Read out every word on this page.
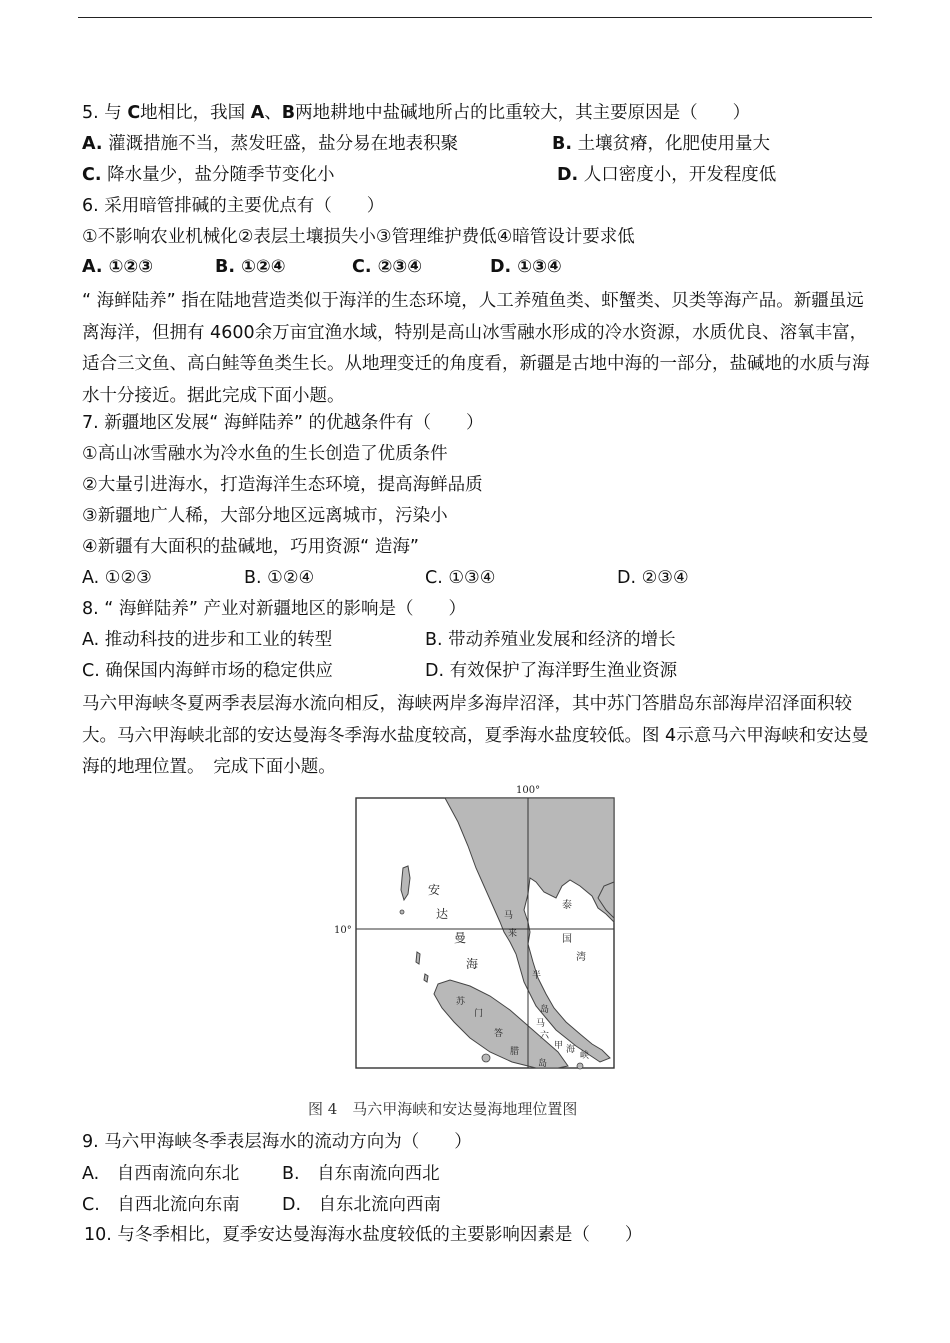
5. 与 C地相比，我国 A、B两地耕地中盐碱地所占的比重较大，其主要原因是（　　）
A. 灌溉措施不当，蒸发旺盛，盐分易在地表积聚	B. 土壤贫瘠，化肥使用量大
C. 降水量少，盐分随季节变化小	D. 人口密度小，开发程度低
6. 采用暗管排碱的主要优点有（　　）
①不影响农业机械化②表层土壤损失小③管理维护费低④暗管设计要求低
A. ①②③	B. ①②④	C. ②③④	D. ①③④
“ 海鲜陆养” 指在陆地营造类似于海洋的生态环境，人工养殖鱼类、虾蟹类、贝类等海产品。新疆虽远离海洋，但拥有 4600余万亩宜渔水域，特别是高山冰雪融水形成的冷水资源，水质优良、溶氧丰富，适合三文鱼、高白鲑等鱼类生长。从地理变迁的角度看，新疆是古地中海的一部分，盐碱地的水质与海水十分接近。据此完成下面小题。
7. 新疆地区发展“ 海鲜陆养” 的优越条件有（　　）
①高山冰雪融水为冷水鱼的生长创造了优质条件
②大量引进海水，打造海洋生态环境，提高海鲜品质
③新疆地广人稀，大部分地区远离城市，污染小
④新疆有大面积的盐碱地，巧用资源“ 造海”
A. ①②③	B. ①②④	C. ①③④	D. ②③④
8. “ 海鲜陆养” 产业对新疆地区的影响是（　　）
A. 推动科技的进步和工业的转型	B. 带动养殖业发展和经济的增长
C. 确保国内海鲜市场的稳定供应	D. 有效保护了海洋野生渔业资源
马六甲海峡冬夏两季表层海水流向相反，海峡两岸多海岸沼泽，其中苏门答腊岛东部海岸沼泽面积较大。马六甲海峡北部的安达曼海冬季海水盐度较高，夏季海水盐度较低。图 4示意马六甲海峡和安达曼海的地理位置。　完成下面小题。
100°
10°
安
达
曼
海
泰
国
湾
马
来
半
岛
苏
门
答
腊
岛
马
六
甲 海
峡
图 4　马六甲海峡和安达曼海地理位置图
9. 马六甲海峡冬季表层海水的流动方向为（　　）
A.　自西南流向东北 B.　自东南流向西北
C.　自西北流向东南 D.　自东北流向西南
10. 与冬季相比，夏季安达曼海海水盐度较低的主要影响因素是（　　）
